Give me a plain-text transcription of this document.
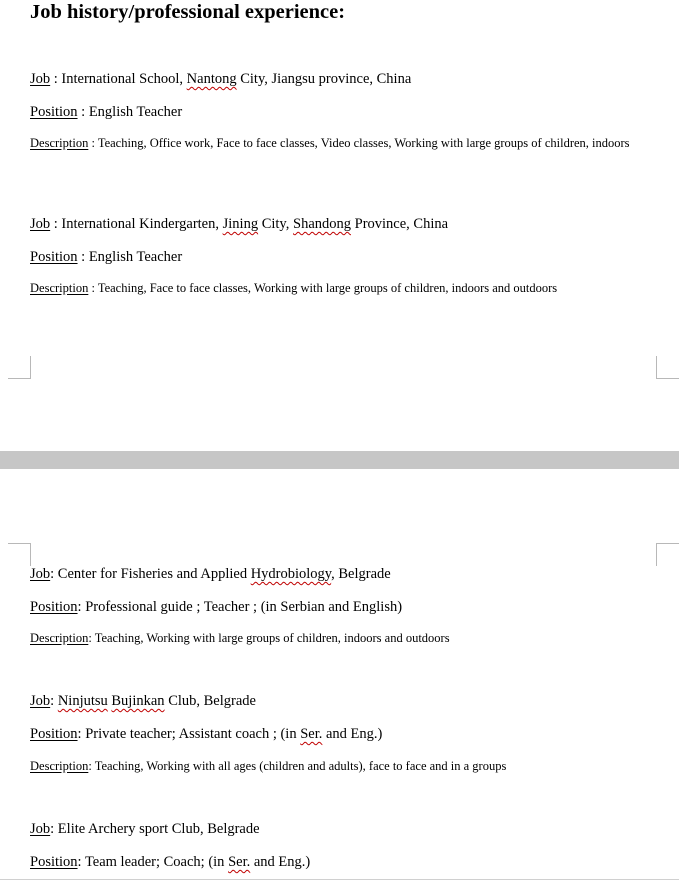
Job history/professional experience:
Job : International School, Nantong City, Jiangsu province, China
Position : English Teacher
Description : Teaching, Office work, Face to face classes, Video classes, Working with large groups of children, indoors
Job : International Kindergarten, Jining City, Shandong Province, China
Position : English Teacher
Description : Teaching, Face to face classes, Working with large groups of children, indoors and outdoors
Job: Center for Fisheries and Applied Hydrobiology, Belgrade
Position: Professional guide ; Teacher ; (in Serbian and English)
Description: Teaching, Working with large groups of children, indoors and outdoors
Job: Ninjutsu Bujinkan Club, Belgrade
Position: Private teacher; Assistant coach ; (in Ser. and Eng.)
Description: Teaching, Working with all ages (children and adults), face to face and in a groups
Job: Elite Archery sport Club, Belgrade
Position: Team leader; Coach; (in Ser. and Eng.)
